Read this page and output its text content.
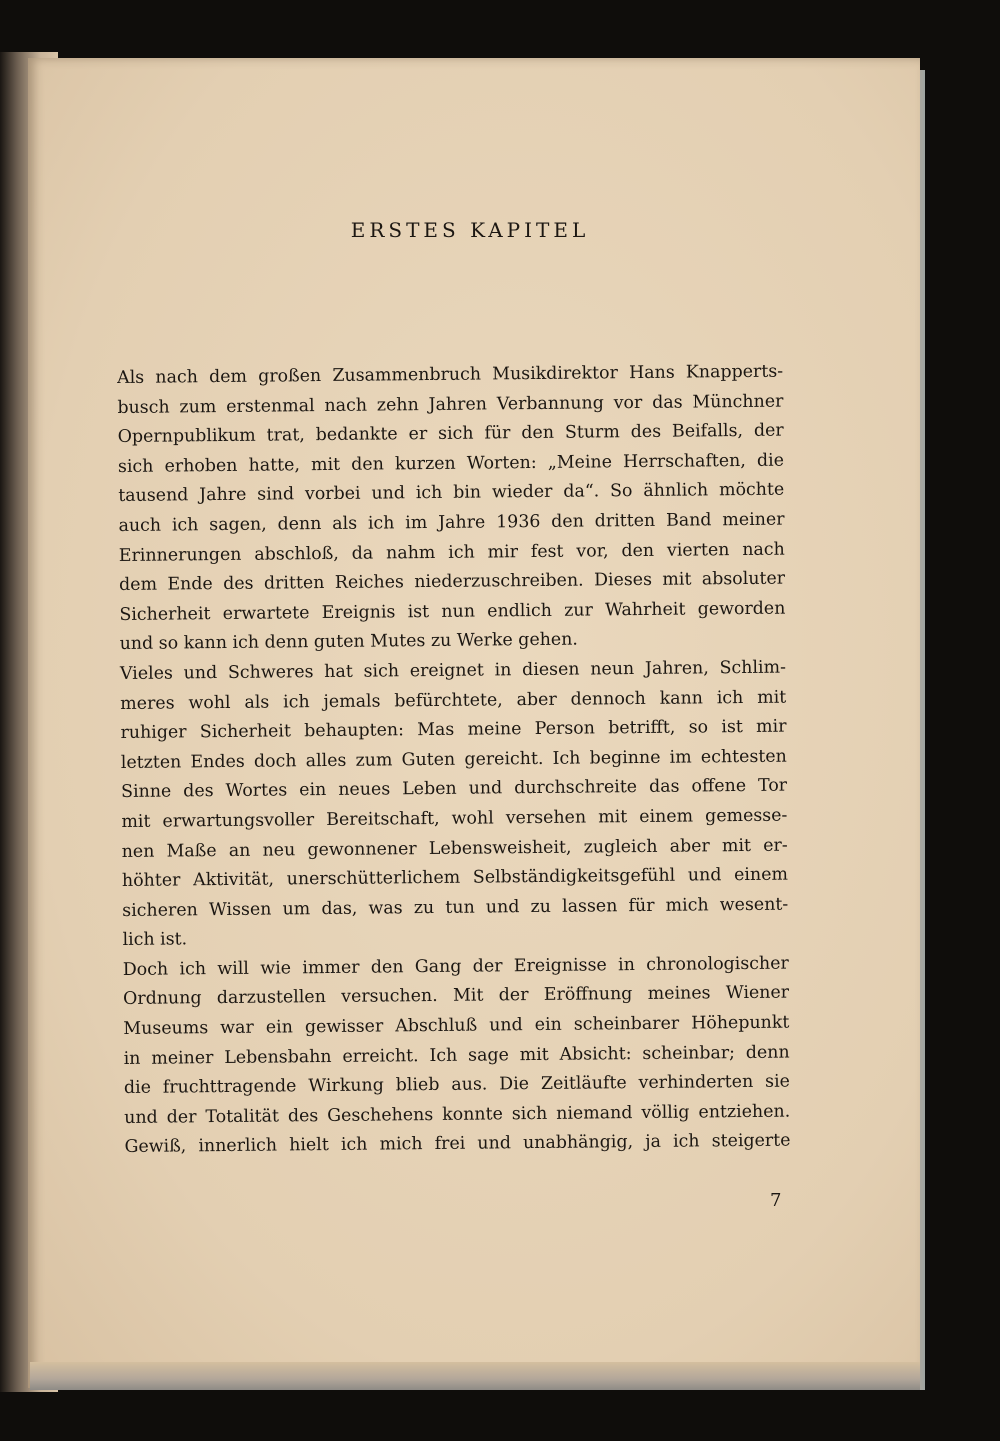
ERSTES KAPITEL
Als nach dem großen Zusammenbruch Musikdirektor Hans Knapperts-
busch zum erstenmal nach zehn Jahren Verbannung vor das Münchner
Opernpublikum trat, bedankte er sich für den Sturm des Beifalls, der
sich erhoben hatte, mit den kurzen Worten: „Meine Herrschaften, die
tausend Jahre sind vorbei und ich bin wieder da“. So ähnlich möchte
auch ich sagen, denn als ich im Jahre 1936 den dritten Band meiner
Erinnerungen abschloß, da nahm ich mir fest vor, den vierten nach
dem Ende des dritten Reiches niederzuschreiben. Dieses mit absoluter
Sicherheit erwartete Ereignis ist nun endlich zur Wahrheit geworden
und so kann ich denn guten Mutes zu Werke gehen.
Vieles und Schweres hat sich ereignet in diesen neun Jahren, Schlim-
meres wohl als ich jemals befürchtete, aber dennoch kann ich mit
ruhiger Sicherheit behaupten: Mas meine Person betrifft, so ist mir
letzten Endes doch alles zum Guten gereicht. Ich beginne im echtesten
Sinne des Wortes ein neues Leben und durchschreite das offene Tor
mit erwartungsvoller Bereitschaft, wohl versehen mit einem gemesse-
nen Maße an neu gewonnener Lebensweisheit, zugleich aber mit er-
höhter Aktivität, unerschütterlichem Selbständigkeitsgefühl und einem
sicheren Wissen um das, was zu tun und zu lassen für mich wesent-
lich ist.
Doch ich will wie immer den Gang der Ereignisse in chronologischer
Ordnung darzustellen versuchen. Mit der Eröffnung meines Wiener
Museums war ein gewisser Abschluß und ein scheinbarer Höhepunkt
in meiner Lebensbahn erreicht. Ich sage mit Absicht: scheinbar; denn
die fruchttragende Wirkung blieb aus. Die Zeitläufte verhinderten sie
und der Totalität des Geschehens konnte sich niemand völlig entziehen.
Gewiß, innerlich hielt ich mich frei und unabhängig, ja ich steigerte
7
